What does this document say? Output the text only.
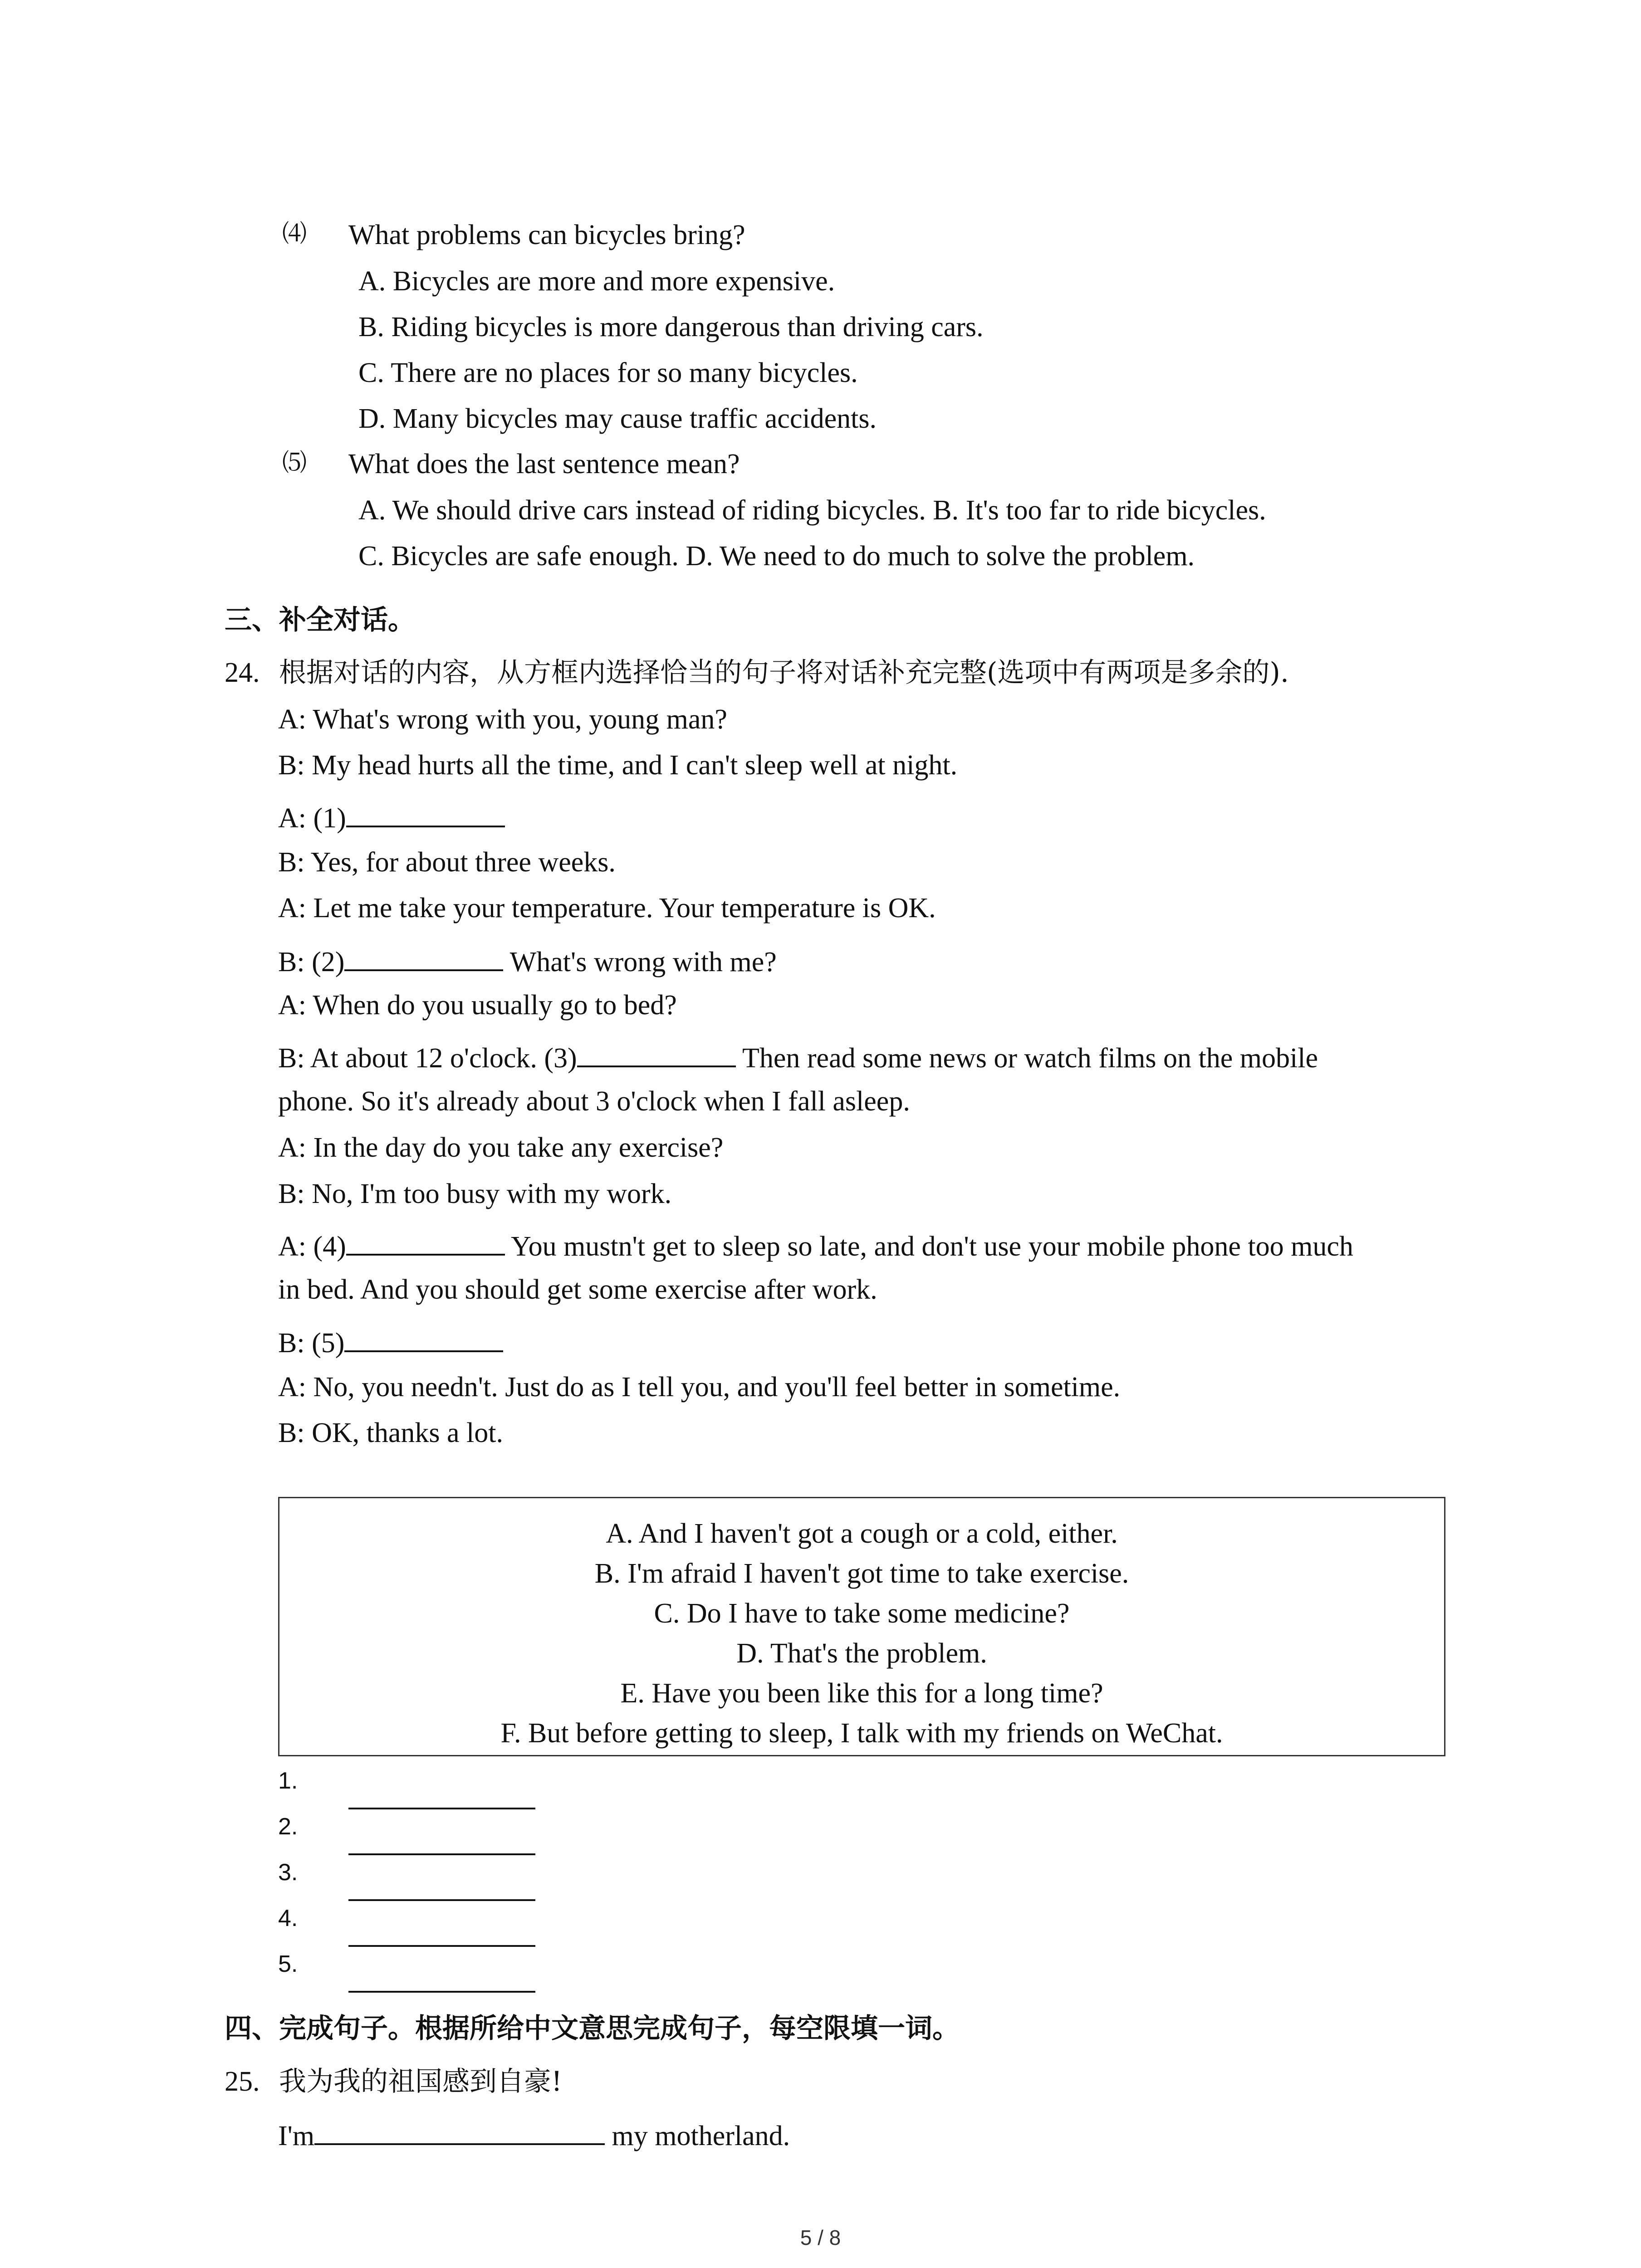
⑷ What problems can bicycles bring?
A. Bicycles are more and more expensive.
B. Riding bicycles is more dangerous than driving cars.
C. There are no places for so many bicycles.
D. Many bicycles may cause traffic accidents.
⑸ What does the last sentence mean?
A. We should drive cars instead of riding bicycles. B. It's too far to ride bicycles.
C. Bicycles are safe enough. D. We need to do much to solve the problem.
三、补全对话。
24. 根据对话的内容，从方框内选择恰当的句子将对话补充完整(选项中有两项是多余的).
A: What's wrong with you, young man?
B: My head hurts all the time, and I can't sleep well at night.
A: (1)
B: Yes, for about three weeks.
A: Let me take your temperature. Your temperature is OK.
B: (2)	What's wrong with me?
A: When do you usually go to bed?
B: At about 12 o'clock. (3)	Then read some news or watch films on the mobile
phone. So it's already about 3 o'clock when I fall asleep.
A: In the day do you take any exercise?
B: No, I'm too busy with my work.
A: (4)	You mustn't get to sleep so late, and don't use your mobile phone too much
in bed. And you should get some exercise after work.
B: (5)
A: No, you needn't. Just do as I tell you, and you'll feel better in sometime.
B: OK, thanks a lot.
A. And I haven't got a cough or a cold, either.
B. I'm afraid I haven't got time to take exercise.
C. Do I have to take some medicine?
D. That's the problem.
E. Have you been like this for a long time?
F. But before getting to sleep, I talk with my friends on WeChat.
1.
2.
3.
4.
5.
四、完成句子。根据所给中文意思完成句子，每空限填一词。
25. 我为我的祖国感到自豪!
I'm	my motherland.
5 / 8
